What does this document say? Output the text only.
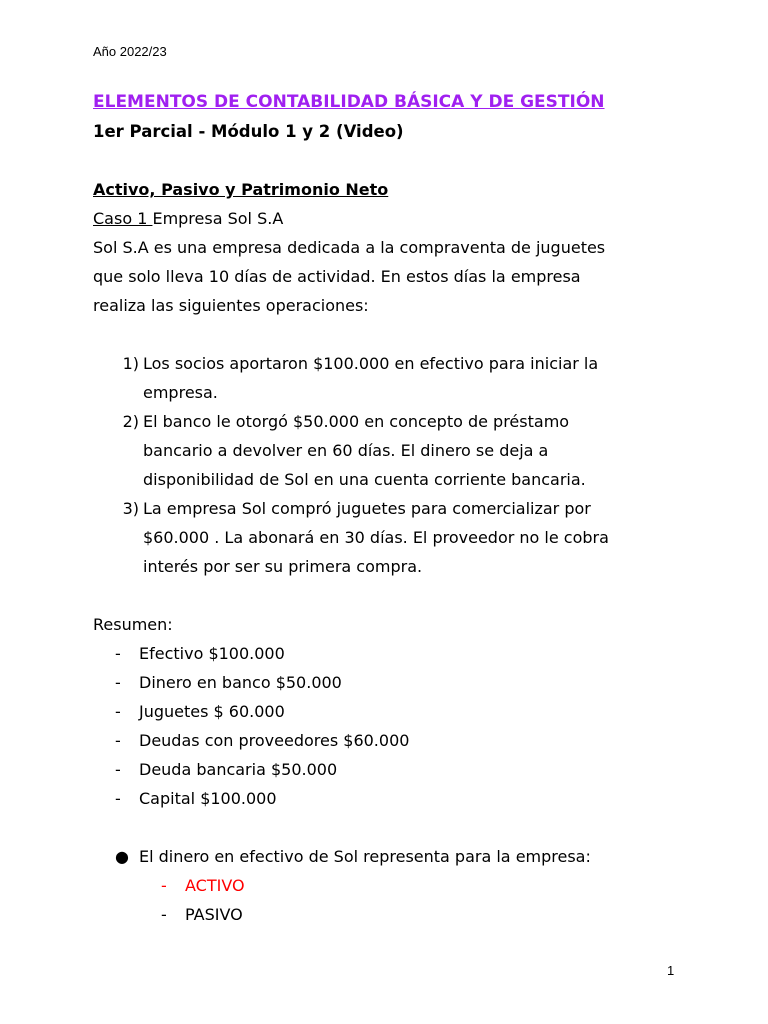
Año 2022/23

ELEMENTOS DE CONTABILIDAD BÁSICA Y DE GESTIÓN

1er Parcial - Módulo 1 y 2 (Video)

Activo, Pasivo y Patrimonio Neto

Caso 1 Empresa Sol S.A

Sol S.A es una empresa dedicada a la compraventa de juguetes

que solo lleva 10 días de actividad. En estos días la empresa

realiza las siguientes operaciones:

1) Los socios aportaron $100.000 en efectivo para iniciar la
empresa.
2) El banco le otorgó $50.000 en concepto de préstamo
bancario a devolver en 60 días. El dinero se deja a
disponibilidad de Sol en una cuenta corriente bancaria.
3) La empresa Sol compró juguetes para comercializar por
$60.000 . La abonará en 30 días. El proveedor no le cobra
interés por ser su primera compra.

Resumen:

-	Efectivo $100.000
-	Dinero en banco $50.000
-	Juguetes $ 60.000
-	Deudas con proveedores $60.000
-	Deuda bancaria $50.000
-	Capital $100.000
● El dinero en efectivo de Sol representa para la empresa:
-	ACTIVO
-	PASIVO
1
